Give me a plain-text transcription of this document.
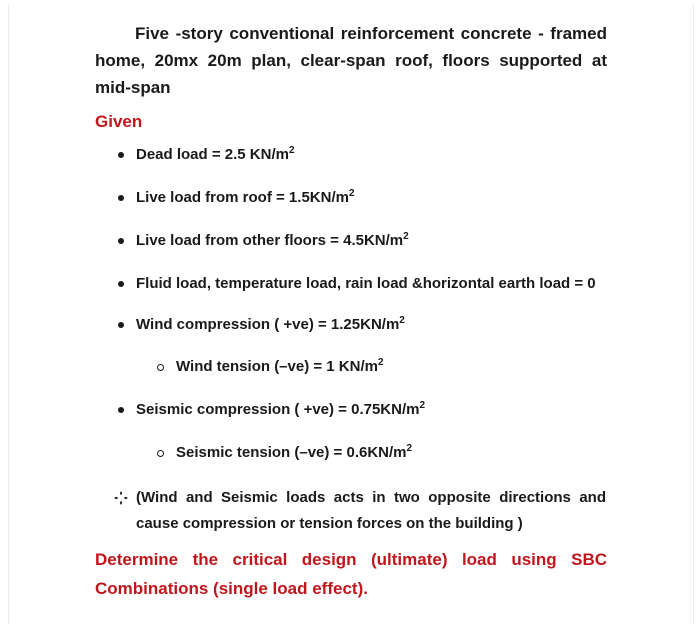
Five -story conventional reinforcement concrete - framed home, 20mx 20m plan, clear-span roof, floors supported at mid-span
Given
Dead load = 2.5 $KN/m^2$
Live load from roof = $1.5KN/m^2$
Live load from other floors = $4.5KN/m^2$
Fluid load, temperature load, rain load &horizontal earth load = 0
Wind compression ( $+ve) = 1.25KN/m^2$
Wind tension (–ve) = 1 $KN/m^2$
Seismic compression ( $+ve) = 0.75KN/m^2$
Seismic tension $(-ve) = 0.6KN/m^2$
(Wind and Seismic loads acts in two opposite directions and cause compression or tension forces on the building )
Determine the critical design (ultimate) load using SBC Combinations (single load effect).
